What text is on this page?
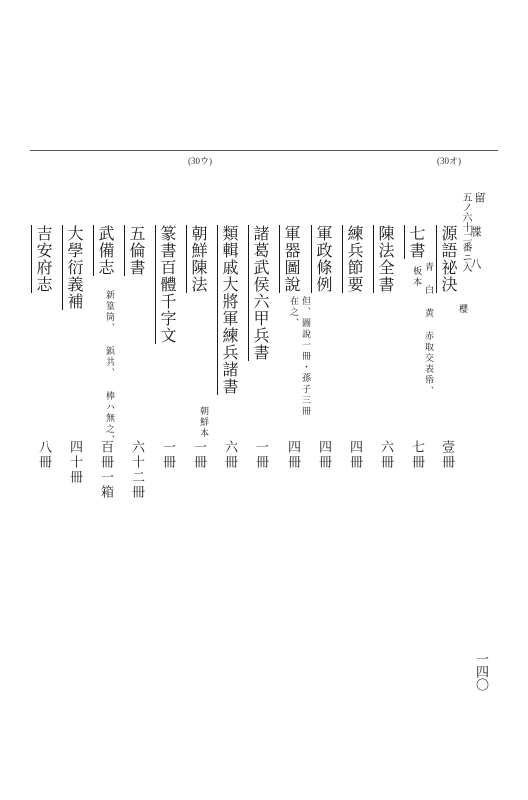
(30ウ)	(30オ)
留
牒 八
五ノ六十二番ニ入
源語祕決
櫻
壹冊
七書
青 白 黄 赤取交表帋、
板本
七冊
陳法全書
六冊
練兵節要
四冊
軍政條例
四冊
軍器圖說
但、圖說一冊・孫子三冊
在之、
四冊
諸葛武侯六甲兵書
一冊
類輯戚大將軍練兵諸書
六冊
朝鮮陳法
朝鮮本
一冊
篆書百體千字文
一冊
五倫書
六十二冊
武備志
新篁筒、 鋲共、 棒ハ無之、
百冊一箱
大學衍義補
四十冊
吉安府志
八冊
一四〇
